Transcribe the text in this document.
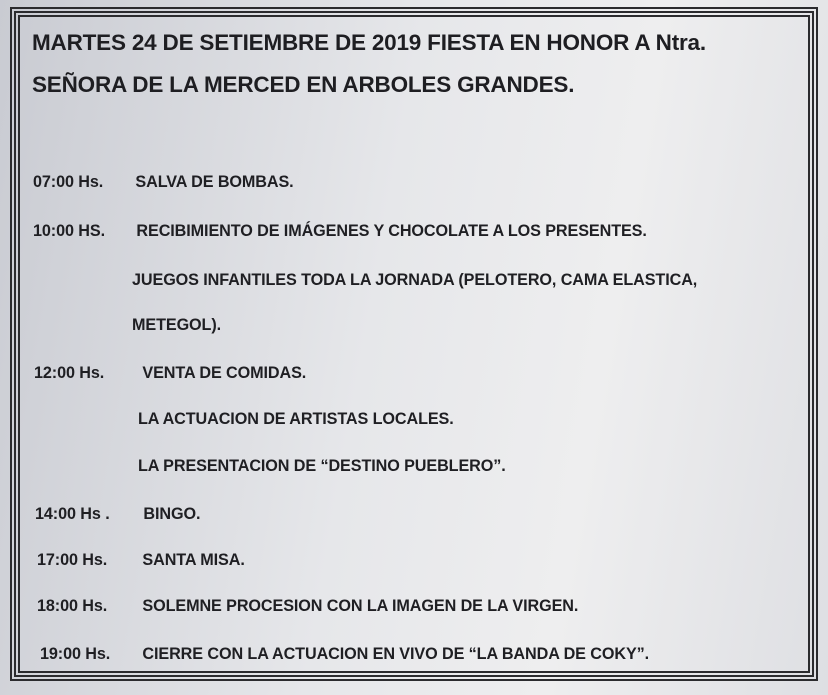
MARTES 24 DE SETIEMBRE DE 2019 FIESTA EN HONOR A Ntra.
SEÑORA DE LA MERCED EN ARBOLES GRANDES.
07:00 Hs. SALVA DE BOMBAS.
10:00 HS. RECIBIMIENTO DE IMÁGENES Y CHOCOLATE A LOS PRESENTES.
JUEGOS INFANTILES TODA LA JORNADA (PELOTERO, CAMA ELASTICA,
METEGOL).
12:00 Hs. VENTA DE COMIDAS.
LA ACTUACION DE ARTISTAS LOCALES.
LA PRESENTACION DE “DESTINO PUEBLERO”.
14:00 Hs . BINGO.
17:00 Hs. SANTA MISA.
18:00 Hs. SOLEMNE PROCESION CON LA IMAGEN DE LA VIRGEN.
19:00 Hs. CIERRE CON LA ACTUACION EN VIVO DE “LA BANDA DE COKY”.
